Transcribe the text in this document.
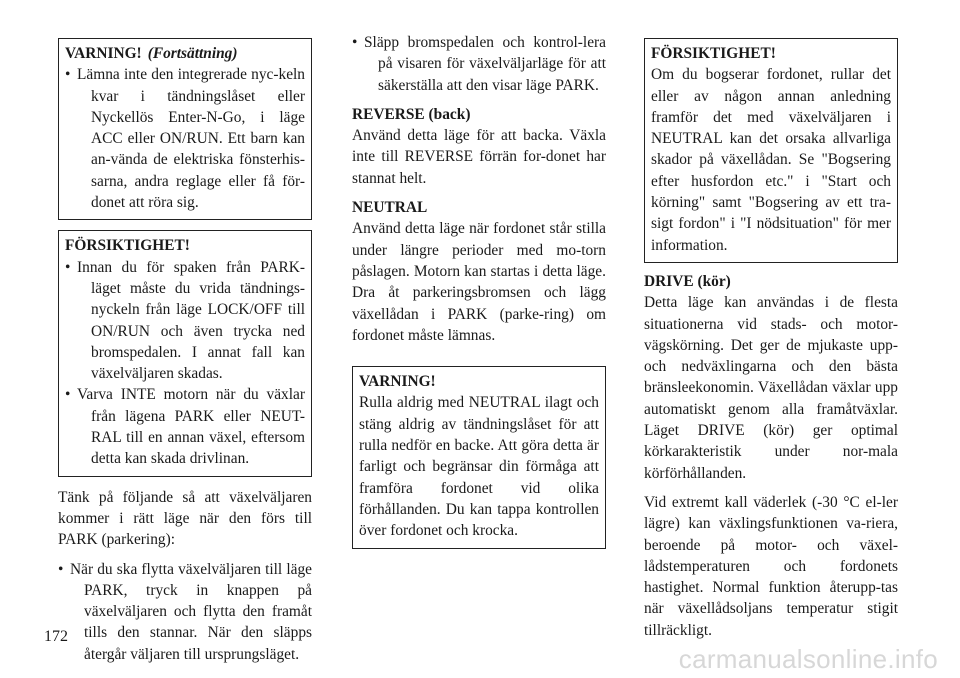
VARNING! (Fortsättning)
• Lämna inte den integrerade nyc-keln kvar i tändningslåset eller Nyckellös Enter-N-Go, i läge ACC eller ON/RUN. Ett barn kan an-vända de elektriska fönsterhis-sarna, andra reglage eller få för-donet att röra sig.
FÖRSIKTIGHET!
• Innan du för spaken från PARK-läget måste du vrida tändnings-nyckeln från läge LOCK/OFF till ON/RUN och även trycka ned bromspedalen. I annat fall kan växelväljaren skadas.
• Varva INTE motorn när du växlar från lägena PARK eller NEUT-RAL till en annan växel, eftersom detta kan skada drivlinan.

Tänk på följande så att växelväljaren kommer i rätt läge när den förs till PARK (parkering):

• När du ska flytta växelväljaren till läge PARK, tryck in knappen på växelväljaren och flytta den framåt tills den stannar. När den släpps återgår väljaren till ursprungsläget.
• Släpp bromspedalen och kontrol-lera på visaren för växelväljarläge för att säkerställa att den visar läge PARK.

REVERSE (back)

Använd detta läge för att backa. Växla inte till REVERSE förrän for-donet har stannat helt.

NEUTRAL

Använd detta läge när fordonet står stilla under längre perioder med mo-torn påslagen. Motorn kan startas i detta läge. Dra åt parkeringsbromsen och lägg växellådan i PARK (parke-ring) om fordonet måste lämnas.

VARNING!

Rulla aldrig med NEUTRAL ilagt och stäng aldrig av tändningslåset för att rulla nedför en backe. Att göra detta är farligt och begränsar din förmåga att framföra fordonet vid olika förhållanden. Du kan tappa kontrollen över fordonet och krocka.

FÖRSIKTIGHET!

Om du bogserar fordonet, rullar det eller av någon annan anledning framför det med växelväljaren i NEUTRAL kan det orsaka allvarliga skador på växellådan. Se "Bogsering efter husfordon etc." i "Start och körning" samt "Bogsering av ett tra-sigt fordon" i "I nödsituation" för mer information.

DRIVE (kör)

Detta läge kan användas i de flesta situationerna vid stads- och motor-vägskörning. Det ger de mjukaste upp- och nedväxlingarna och den bästa bränsleekonomin. Växellådan växlar upp automatiskt genom alla framåtväxlar. Läget DRIVE (kör) ger optimal körkarakteristik under nor-mala körförhållanden.

Vid extremt kall väderlek (-30 °C el-ler lägre) kan växlingsfunktionen va-riera, beroende på motor- och växel-lådstemperaturen och fordonets hastighet. Normal funktion återupp-tas när växellådsoljans temperatur stigit tillräckligt.

172
carmanualsonline.info
